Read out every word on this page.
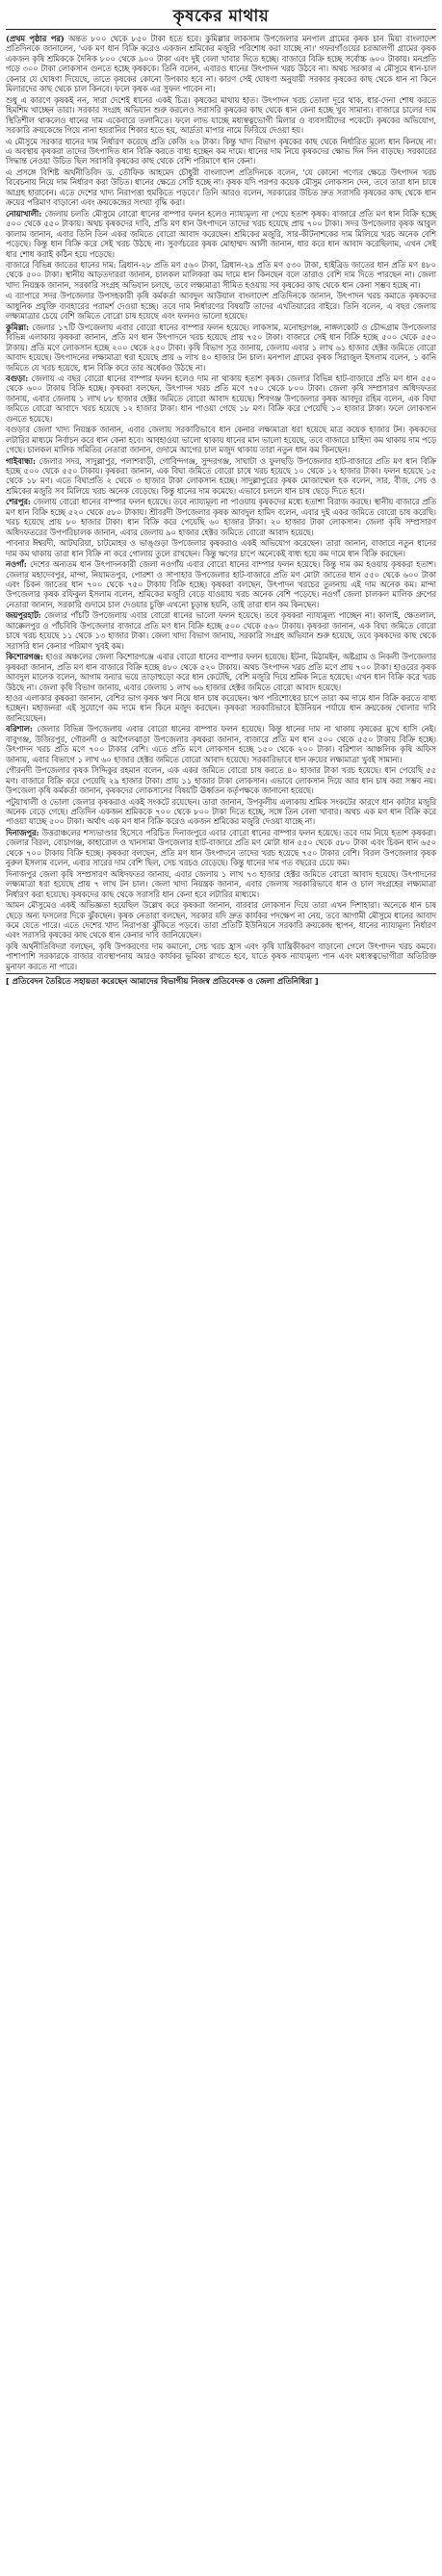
কৃষকের মাথায়

(প্রথম পৃষ্ঠার পর) অন্তত ৮০০ থেকে ৮৫০ টাকা হতে হবে। কুমিল্লার লাকসাম উপজেলার মনপাল গ্রামের কৃষক চান মিয়া বাংলাদেশ প্রতিদিনকে জানালেন, 'এক মণ ধান বিক্রি করেও একজন শ্রমিকের মজুরি পরিশোধ করা যাচ্ছে না।' গফরগাঁওয়ের চরআলগী গ্রামের কৃষক একজন কৃষি শ্রমিককে দৈনিক ৮০০ থেকে ৯০০ টাকা এবং দুই বেলা খাবার দিতে হচ্ছে। বাজারে বিক্রি হচ্ছে সর্বোচ্চ ৬০০ টাকায়। মনপ্রতি গড়ে ৩০০ টাকা লোকসান গুনতে হচ্ছে কৃষককে। তিনি বলেন, এবারও ধানের উৎপাদন খরচ উঠবে না। অথচ সরকার এ মৌসুমে ধান-চাল কেনার যে ঘোষণা দিয়েছে, তাতে কৃষকের কোনো উপকার হবে না। কারণ সেই ঘোষণা অনুযায়ী সরকার কৃষকের কাছ থেকে ধান না কিনে মিলারদের কাছ থেকে চাল কিনবে। ফলে কৃষক এর সুফল পাবেন না।

শুধু এ কারণে কৃষকই নন, সারা দেশেই ধানের একই চিত্র। কৃষকের মাথায় হাত। উৎপাদন খরচ তোলা দূরে থাক, ধার-দেনা শোধ করতে হিমশিম খাচ্ছেন তারা। সরকার সংগ্রহ অভিযান শুরু করলেও সরাসরি কৃষকের কাছ থেকে ধান কেনা হচ্ছে খুব সামান্য। বাজারে চালের দাম স্থিতিশীল থাকলেও ধানের দাম একেবারে তলানিতে। ফলে লাভ যাচ্ছে মধ্যস্বত্বভোগী মিলার ও ব্যবসায়ীদের পকেটে। কৃষকের অভিযোগ, সরকারি ক্রয়কেন্দ্রে গিয়ে নানা হয়রানির শিকার হতে হয়, আর্দ্রতা মাপার নামে ফিরিয়ে দেওয়া হয়।

এ মৌসুমে সরকার ধানের দাম নির্ধারণ করেছে প্রতি কেজি ২৬ টাকা। কিন্তু খাদ্য বিভাগ কৃষকের কাছ থেকে নির্ধারিত মূল্যে ধান কিনছে না। এ অবস্থায় কৃষকরা তাদের উৎপাদিত ধান বিক্রি করতে বাধ্য হচ্ছেন কম দামে। ধানের দাম নিয়ে কৃষকদের ক্ষোভ দিন দিন বাড়ছে। সরকারের সিদ্ধান্ত নেওয়া উচিত ছিল সরাসরি কৃষকের কাছ থেকে বেশি পরিমাণে ধান কেনা।

এ প্রসঙ্গে বিশিষ্ট অর্থনীতিবিদ ড. তৌফিক আহমেদ চৌধুরী বাংলাদেশ প্রতিদিনকে বলেন, 'যে কোনো পণ্যের ক্ষেত্রে উৎপাদন খরচ বিবেচনায় নিয়ে দাম নির্ধারণ করা উচিত। ধানের ক্ষেত্রে সেটি হচ্ছে না। কৃষক যদি পরপর কয়েক মৌসুম লোকসান দেন, তবে তারা ধান চাষে আগ্রহ হারাবেন। এতে দেশের খাদ্য নিরাপত্তা হুমকিতে পড়বে।' তিনি আরও বলেন, সরকারের উচিত দ্রুত সরাসরি কৃষকের কাছ থেকে ধান ক্রয়ের পরিমাণ বাড়ানো এবং ক্রয়কেন্দ্রের সংখ্যা বৃদ্ধি করা।

নোয়াখালী: জেলায় চলতি মৌসুমে বোরো ধানের বাম্পার ফলন হলেও ন্যায্যমূল্য না পেয়ে হতাশ কৃষক। বাজারে প্রতি মণ ধান বিক্রি হচ্ছে ৫০০ থেকে ৫৫০ টাকায়। অথচ কৃষকদের দাবি, প্রতি মণ ধান উৎপাদনে তাদের খরচ হয়েছে প্রায় ৭০০ টাকা। সদর উপজেলার কৃষক আবুল কালাম জানান, এবার তিনি তিন একর জমিতে বোরো আবাদ করেছেন। শ্রমিকের মজুরি, সার-কীটনাশকের দাম মিলিয়ে খরচ অনেক বেশি পড়েছে। কিন্তু ধান বিক্রি করে সেই খরচ উঠছে না। সুবর্ণচরের কৃষক মোহাম্মদ আলী জানান, ধার করে ধান আবাদ করেছিলাম, এখন সেই ধার শোধ করাই কঠিন হয়ে পড়েছে।

বাজারে বিভিন্ন জাতের ধানের দাম: ব্রিধান-২৮ প্রতি মণ ৫৬০ টাকা, ব্রিধান-২৯ প্রতি মণ ৫৩০ টাকা, হাইব্রিড জাতের ধান প্রতি মণ ৪৮০ থেকে ৫০০ টাকা। স্থানীয় আড়তদাররা জানান, চালকল মালিকরা কম দামে ধান কিনছেন বলে তারাও বেশি দাম দিতে পারছেন না। জেলা খাদ্য নিয়ন্ত্রক জানান, সরকারি সংগ্রহ অভিযান চলছে, তবে লক্ষ্যমাত্রা সীমিত হওয়ায় সব কৃষকের কাছ থেকে ধান কেনা সম্ভব হচ্ছে না।

এ ব্যাপারে সদর উপজেলার উপসহকারী কৃষি কর্মকর্তা আবদুল আউয়াল বাংলাদেশ প্রতিদিনকে জানান, উৎপাদন খরচ কমাতে কৃষকদের আধুনিক প্রযুক্তি ব্যবহারের পরামর্শ দেওয়া হচ্ছে। তবে দাম নির্ধারণের বিষয়টি তাদের এখতিয়ারের বাইরে। তিনি বলেন, এ বছর জেলায় লক্ষ্যমাত্রার চেয়ে বেশি জমিতে বোরো চাষ হয়েছে এবং ফলনও ভালো হয়েছে।

কুমিল্লা: জেলার ১৭টি উপজেলায় এবার বোরো ধানের বাম্পার ফলন হয়েছে। লাকসাম, মনোহরগঞ্জ, নাঙ্গলকোট ও চৌদ্দগ্রাম উপজেলার বিভিন্ন এলাকায় কৃষকরা জানান, প্রতি মণ ধান উৎপাদনে খরচ হয়েছে প্রায় ৭৫০ টাকা। বাজারে সেই ধান বিক্রি হচ্ছে ৫০০ থেকে ৫৫০ টাকায়। প্রতি মণে লোকসান হচ্ছে ২০০ থেকে ২৫০ টাকা। কৃষি বিভাগ সূত্র জানায়, জেলায় এবার ১ লাখ ৬১ হাজার হেক্টর জমিতে বোরো আবাদ হয়েছে। উৎপাদনের লক্ষ্যমাত্রা ধরা হয়েছে প্রায় ৬ লাখ ৪০ হাজার টন চাল। মনপাল গ্রামের কৃষক সিরাজুল ইসলাম বলেন, ১ কানি জমিতে যে খরচ হয়েছে, ধান বিক্রি করে তার অর্ধেকও উঠছে না।

বগুড়া: জেলায় এ বছর বোরো ধানের বাম্পার ফলন হলেও দাম না থাকায় হতাশ কৃষক। জেলার বিভিন্ন হাট-বাজারে প্রতি মণ ধান ৫৫০ থেকে ৬০০ টাকায় বিক্রি হচ্ছে। কৃষকরা বলছেন, উৎপাদন খরচ প্রতি মণে ৭৫০ থেকে ৮০০ টাকা। জেলা কৃষি সম্প্রসারণ অধিদফতর জানায়, এবার জেলায় ১ লাখ ৮৮ হাজার হেক্টর জমিতে বোরো আবাদ হয়েছে। শিবগঞ্জ উপজেলার কৃষক আবদুর রহিম বলেন, এক বিঘা জমিতে বোরো আবাদে খরচ হয়েছে ১২ হাজার টাকা। ধান পাওয়া গেছে ১৮ মণ। বিক্রি করে পেয়েছি ১০ হাজার টাকা। ফলে লোকসান গুনতে হয়েছে।

বগুড়ার জেলা খাদ্য নিয়ন্ত্রক জানান, এবার জেলায় সরকারিভাবে ধান কেনার লক্ষ্যমাত্রা ধরা হয়েছে মাত্র কয়েক হাজার টন। কৃষকদের লটারির মাধ্যমে নির্বাচন করে ধান কেনা হবে। আবহাওয়া ভালো থাকায় ধানের মান ভালো হয়েছে, তবে বাজারে চাহিদা কম থাকায় দাম পড়ে গেছে। চালকল মালিক সমিতির নেতারা জানান, গুদামে আগের চাল মজুদ থাকায় তারা নতুন ধান কম কিনছেন।

গাইবান্ধা: জেলার সদর, সাদুল্লাপুর, পলাশবাড়ী, গোবিন্দগঞ্জ, সুন্দরগঞ্জ, সাঘাটা ও ফুলছড়ি উপজেলার হাট-বাজারে প্রতি মণ ধান বিক্রি হচ্ছে ৫০০ থেকে ৫৫০ টাকায়। কৃষকরা জানান, এক বিঘা জমিতে বোরো চাষে খরচ হয়েছে ১০ থেকে ১২ হাজার টাকা। ফলন হয়েছে ১৫ থেকে ১৮ মণ। এতে বিঘাপ্রতি ২ থেকে ৩ হাজার টাকা লোকসান হচ্ছে। সাদুল্লাপুরের কৃষক মোজাম্মেল হক বলেন, সার, বীজ, সেচ ও শ্রমিকের মজুরি সব মিলিয়ে খরচ অনেক বেড়েছে। কিন্তু ধানের দাম কমেছে। এভাবে চললে ধান চাষ ছেড়ে দিতে হবে।

শেরপুর: জেলায় বোরো ধানের বাম্পার ফলন হয়েছে। তবে ন্যায্যমূল্য না পাওয়ায় কৃষকদের মধ্যে হতাশা বিরাজ করছে। স্থানীয় বাজারে প্রতি মণ ধান বিক্রি হচ্ছে ৫২০ থেকে ৫৮০ টাকায়। শ্রীবরদী উপজেলার কৃষক আবদুল হামিদ বলেন, এবার দুই একর জমিতে বোরো চাষ করেছি। খরচ হয়েছে প্রায় ৮০ হাজার টাকা। ধান বিক্রি করে পেয়েছি ৬০ হাজার টাকা। ২০ হাজার টাকা লোকসান। জেলা কৃষি সম্প্রসারণ অধিদফতরের উপপরিচালক জানান, এবার জেলায় ৯০ হাজার হেক্টর জমিতে বোরো আবাদ হয়েছে।

পাবনার ঈশ্বরদী, আটঘরিয়া, চাটমোহর ও ভাঙ্গুড়া উপজেলার কৃষকরাও একই অভিযোগ করেছেন। তারা জানান, বাজারে নতুন ধানের দাম কম থাকায় তারা ধান বিক্রি না করে গোলায় তুলে রাখছেন। কিন্তু ঋণের চাপে অনেকেই বাধ্য হয়ে কম দামে ধান বিক্রি করছেন।

নওগাঁ: দেশের অন্যতম ধান উৎপাদনকারী জেলা নওগাঁয় এবার বোরো ধানের বাম্পার ফলন হয়েছে। কিন্তু দাম কম হওয়ায় কৃষকরা হতাশ। জেলার মহাদেবপুর, মান্দা, নিয়ামতপুর, পোরশা ও সাপাহার উপজেলার হাট-বাজারে প্রতি মণ মোটা জাতের ধান ৫৫০ থেকে ৬০০ টাকা এবং চিকন জাতের ধান ৭০০ থেকে ৭৫০ টাকায় বিক্রি হচ্ছে। কৃষকরা বলছেন, উৎপাদন খরচের তুলনায় এই দাম অনেক কম। মান্দা উপজেলার কৃষক রফিকুল ইসলাম বলেন, শ্রমিকের মজুরি বেড়ে যাওয়ায় খরচ অনেক বেশি পড়েছে। নওগাঁ জেলা চালকল মালিক গ্রুপের নেতারা জানান, সরকারি গুদামে চাল দেওয়ার চুক্তি এখনো চূড়ান্ত হয়নি, তাই তারা ধান কম কিনছেন।

জয়পুরহাট: জেলার পাঁচটি উপজেলায় এবার বোরো ধানের ভালো ফলন হয়েছে। তবে কৃষকরা ন্যায্যমূল্য পাচ্ছেন না। কালাই, ক্ষেতলাল, আক্কেলপুর ও পাঁচবিবি উপজেলার বাজারে প্রতি মণ ধান বিক্রি হচ্ছে ৫০০ থেকে ৫৬০ টাকায়। কৃষকরা জানান, এক বিঘা জমিতে বোরো চাষে খরচ হয়েছে ১১ থেকে ১৩ হাজার টাকা। জেলা খাদ্য বিভাগ জানায়, সরকারি সংগ্রহ অভিযান শুরু হয়েছে, তবে কৃষকদের কাছ থেকে সরাসরি ধান কেনার পরিমাণ খুবই কম।

কিশোরগঞ্জ: হাওর অঞ্চলের জেলা কিশোরগঞ্জে এবার বোরো ধানের বাম্পার ফলন হয়েছে। ইটনা, মিঠামইন, অষ্টগ্রাম ও নিকলী উপজেলার কৃষকরা জানান, প্রতি মণ ধান বাজারে বিক্রি হচ্ছে ৪৮০ থেকে ৫২০ টাকায়। অথচ উৎপাদন খরচ প্রতি মণে প্রায় ৭০০ টাকা। হাওরের কৃষক আবদুল মালেক বলেন, আগাম বন্যার ভয়ে তাড়াহুড়ো করে ধান কেটেছি, বেশি মজুরি দিয়ে শ্রমিক নিতে হয়েছে। এখন ধান বিক্রি করে খরচ উঠছে না। জেলা কৃষি বিভাগ জানায়, এবার জেলায় ১ লাখ ৬৬ হাজার হেক্টর জমিতে বোরো আবাদ হয়েছে।

হাওর এলাকার কৃষকরা জানান, বেশির ভাগ কৃষক ঋণ নিয়ে ধান চাষ করেছেন। ঋণ পরিশোধের চাপে তারা কম দামে ধান বিক্রি করতে বাধ্য হচ্ছেন। মহাজনরা এই সুযোগে কম দামে ধান কিনে মজুদ করছেন। কৃষকরা সরকারিভাবে ইউনিয়ন পর্যায়ে ধান ক্রয়কেন্দ্র খোলার দাবি জানিয়েছেন।

বরিশাল: জেলার বিভিন্ন উপজেলায় এবার বোরো ধানের বাম্পার ফলন হয়েছে। কিন্তু ধানের দাম না থাকায় কৃষকের মুখে হাসি নেই। বাবুগঞ্জ, উজিরপুর, গৌরনদী ও আগৈলঝাড়া উপজেলার কৃষকরা জানান, বাজারে প্রতি মণ ধান ৫০০ থেকে ৫৫০ টাকায় বিক্রি হচ্ছে। উৎপাদন খরচ প্রতি মণে ৭০০ টাকার বেশি। এতে প্রতি মণে লোকসান হচ্ছে ১৫০ থেকে ২০০ টাকা। বরিশাল আঞ্চলিক কৃষি অফিস জানায়, এবার বিভাগে ১ লাখ ৬০ হাজার হেক্টর জমিতে বোরো আবাদ হয়েছে। সরকারিভাবে ধান ক্রয়ের লক্ষ্যমাত্রা খুবই সামান্য।

গৌরনদী উপজেলার কৃষক সিদ্দিকুর রহমান বলেন, এক একর জমিতে বোরো চাষ করতে ৪০ হাজার টাকা খরচ হয়েছে। ধান পেয়েছি ৫৫ মণ। বাজারে বিক্রি করে পেয়েছি ২৯ হাজার টাকা। প্রায় ১১ হাজার টাকা লোকসান। এভাবে লোকসান দিয়ে আর ধান চাষ করা সম্ভব নয়। উপজেলা কৃষি কর্মকর্তা জানান, কৃষকদের লোকসানের বিষয়টি ঊর্ধ্বতন কর্তৃপক্ষকে জানানো হয়েছে।

পটুয়াখালী ও ভোলা জেলার কৃষকরাও একই সংকটে রয়েছেন। তারা জানান, উপকূলীয় এলাকায় শ্রমিক সংকটের কারণে ধান কাটার মজুরি অনেক বেড়ে গেছে। প্রতিদিন একজন শ্রমিককে ৭০০ থেকে ৮০০ টাকা দিতে হচ্ছে, সঙ্গে তিন বেলা খাবার। অথচ এক মণ ধান বিক্রি করে পাওয়া যাচ্ছে ৫০০ টাকা। অর্থাৎ এক মণ ধান বিক্রি করেও একজন শ্রমিকের মজুরি দেওয়া যাচ্ছে না।

দিনাজপুর: উত্তরাঞ্চলের শস্যভাণ্ডার হিসেবে পরিচিত দিনাজপুরে এবার বোরো ধানের বাম্পার ফলন হয়েছে। তবে দাম নিয়ে হতাশ কৃষকরা। জেলার বিরল, বোচাগঞ্জ, কাহারোল ও খানসামা উপজেলার হাট-বাজারে প্রতি মণ মোটা ধান ৫৫০ থেকে ৫৮০ টাকা এবং চিকন ধান ৬৫০ থেকে ৭০০ টাকায় বিক্রি হচ্ছে। কৃষকরা বলছেন, প্রতি মণ ধান উৎপাদনে তাদের খরচ হয়েছে ৭৫০ টাকার বেশি। বিরল উপজেলার কৃষক নুরুল ইসলাম বলেন, এবার সারের দাম বেশি ছিল, সেচ খরচও বেড়েছে। কিন্তু ধানের দাম গত বছরের চেয়ে কম।

দিনাজপুর জেলা কৃষি সম্প্রসারণ অধিদফতর জানায়, এবার জেলায় ১ লাখ ৭৩ হাজার হেক্টর জমিতে বোরো আবাদ হয়েছে। উৎপাদনের লক্ষ্যমাত্রা ধরা হয়েছে প্রায় ৭ লাখ টন চাল। জেলা খাদ্য নিয়ন্ত্রক জানান, এবার জেলায় সরকারিভাবে ধান ও চাল সংগ্রহের লক্ষ্যমাত্রা নির্ধারণ করা হয়েছে। কৃষকদের কাছ থেকে সরাসরি ধান কেনা হবে লটারির মাধ্যমে।

আমন মৌসুমেও একই অভিজ্ঞতা হয়েছিল উল্লেখ করে কৃষকরা জানান, বারবার লোকসান দিয়ে তারা এখন দিশাহারা। অনেকে ধান চাষ ছেড়ে অন্য ফসলের দিকে ঝুঁকছেন। কৃষক নেতারা বলছেন, সরকার যদি দ্রুত কার্যকর পদক্ষেপ না নেয়, তবে আগামী মৌসুমে ধানের আবাদ কমে যেতে পারে। এতে দেশের খাদ্য নিরাপত্তা ঝুঁকিতে পড়বে। তারা প্রতিটি ইউনিয়নে সরকারি ক্রয়কেন্দ্র স্থাপন, ধানের ন্যায্যমূল্য নির্ধারণ এবং সরাসরি কৃষকের কাছ থেকে ধান কেনার দাবি জানিয়েছেন।

কৃষি অর্থনীতিবিদরা বলছেন, কৃষি উপকরণের দাম কমানো, সেচ খরচ হ্রাস এবং কৃষি যান্ত্রিকীকরণ বাড়ানো গেলে উৎপাদন খরচ কমবে। পাশাপাশি সরকারকে বাজার ব্যবস্থাপনায় আরও কার্যকর ভূমিকা রাখতে হবে, যাতে কৃষক ন্যায্যমূল্য পান এবং মধ্যস্বত্বভোগীরা অতিরিক্ত মুনাফা করতে না পারে।

[ প্রতিবেদন তৈরিতে সহায়তা করেছেন আমাদের বিভাগীয় নিজস্ব প্রতিবেদক ও জেলা প্রতিনিধিরা ]
